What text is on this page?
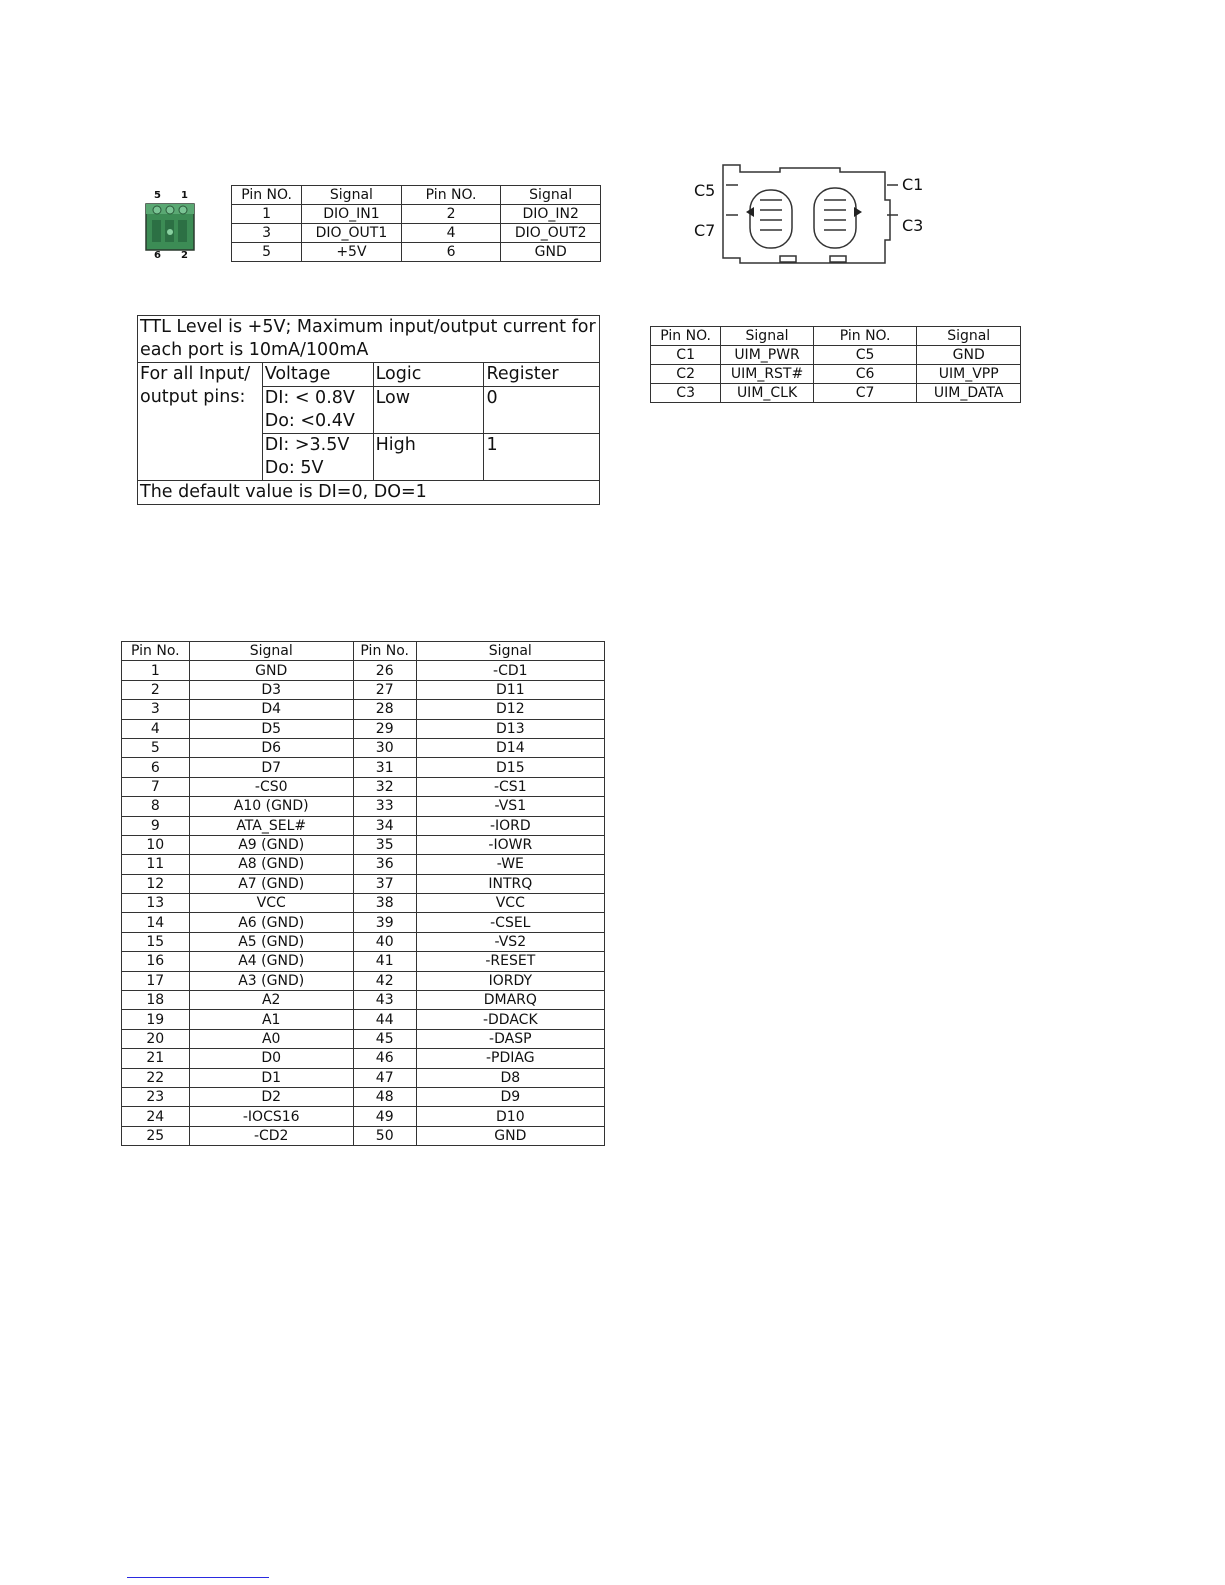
5 1
6 2
Pin NO.	Signal	Pin NO.	Signal
1	DIO_IN1	2	DIO_IN2
3	DIO_OUT1	4	DIO_OUT2
5	+5V	6	GND
C5
C7
C1
C3
TTL Level is +5V; Maximum input/output current for each port is 10mA/100mA			
For all Input/ output pins:	Voltage	Logic	Register

	DI: < 0.8V
Do: <0.4V	Low	0

	DI: >3.5V
Do: 5V	High	1
The default value is DI=0, DO=1			
Pin NO.	Signal	Pin NO.	Signal
C1	UIM_PWR	C5	GND
C2	UIM_RST#	C6	UIM_VPP
C3	UIM_CLK	C7	UIM_DATA
Pin No.	Signal	Pin No.	Signal
1	GND	26	-CD1
2	D3	27	D11
3	D4	28	D12
4	D5	29	D13
5	D6	30	D14
6	D7	31	D15
7	-CS0	32	-CS1
8	A10 (GND)	33	-VS1
9	ATA_SEL#	34	-IORD
10	A9 (GND)	35	-IOWR
11	A8 (GND)	36	-WE
12	A7 (GND)	37	INTRQ
13	VCC	38	VCC
14	A6 (GND)	39	-CSEL
15	A5 (GND)	40	-VS2
16	A4 (GND)	41	-RESET
17	A3 (GND)	42	IORDY
18	A2	43	DMARQ
19	A1	44	-DDACK
20	A0	45	-DASP
21	D0	46	-PDIAG
22	D1	47	D8
23	D2	48	D9
24	-IOCS16	49	D10
25	-CD2	50	GND
